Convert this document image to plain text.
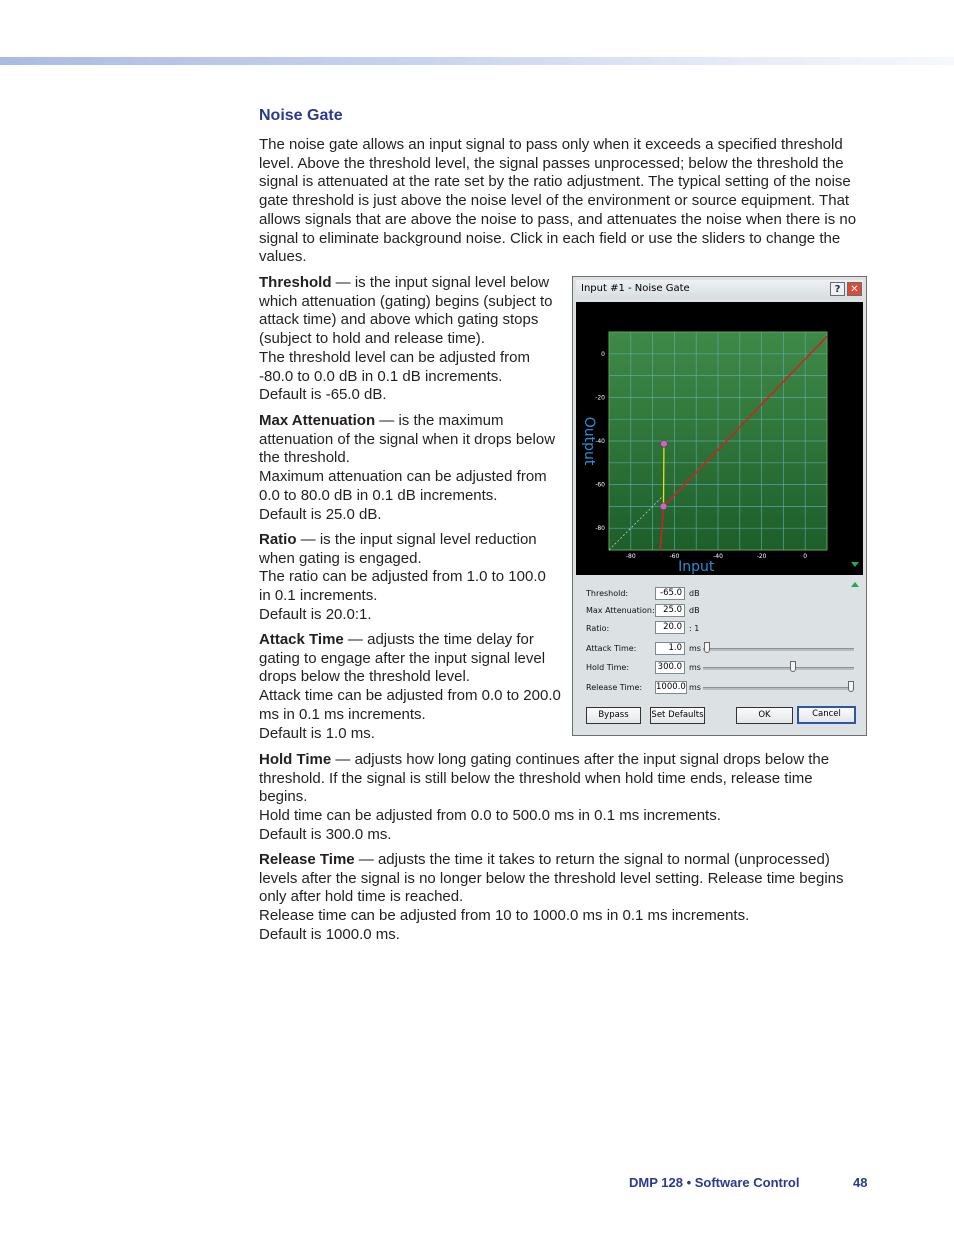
Noise Gate

The noise gate allows an input signal to pass only when it exceeds a specified threshold level. Above the threshold level, the signal passes unprocessed; below the threshold the signal is attenuated at the rate set by the ratio adjustment. The typical setting of the noise gate threshold is just above the noise level of the environment or source equipment. That allows signals that are above the noise to pass, and attenuates the noise when there is no signal to eliminate background noise. Click in each field or use the sliders to change the values.

Threshold — is the input signal level below which attenuation (gating) begins (subject to attack time) and above which gating stops (subject to hold and release time).
The threshold level can be adjusted from -80.0 to 0.0 dB in 0.1 dB increments.
Default is -65.0 dB.

Max Attenuation — is the maximum attenuation of the signal when it drops below the threshold.
Maximum attenuation can be adjusted from 0.0 to 80.0 dB in 0.1 dB increments.
Default is 25.0 dB.

Ratio — is the input signal level reduction when gating is engaged.
The ratio can be adjusted from 1.0 to 100.0 in 0.1 increments.
Default is 20.0:1.

Attack Time — adjusts the time delay for gating to engage after the input signal level drops below the threshold level.
Attack time can be adjusted from 0.0 to 200.0 ms in 0.1 ms increments.
Default is 1.0 ms.

Hold Time — adjusts how long gating continues after the input signal drops below the threshold. If the signal is still below the threshold when hold time ends, release time begins.
Hold time can be adjusted from 0.0 to 500.0 ms in 0.1 ms increments.
Default is 300.0 ms.

Release Time — adjusts the time it takes to return the signal to normal (unprocessed) levels after the signal is no longer below the threshold level setting. Release time begins only after hold time is reached.
Release time can be adjusted from 10 to 1000.0 ms in 0.1 ms increments.
Default is 1000.0 ms.

Input #1 - Noise Gate	? ✕
-80	-60	-40	-20	0
0
-20
-40
-60
-80
Input
Output
Threshold:	-65.0 dB
Max Attenuation: 25.0 dB
Ratio:	20.0 : 1
Attack Time:	1.0 ms
Hold Time:	300.0 ms
Release Time: 1000.0 ms
Bypass	Set Defaults	OK	Cancel
DMP 128 • Software Control	48
